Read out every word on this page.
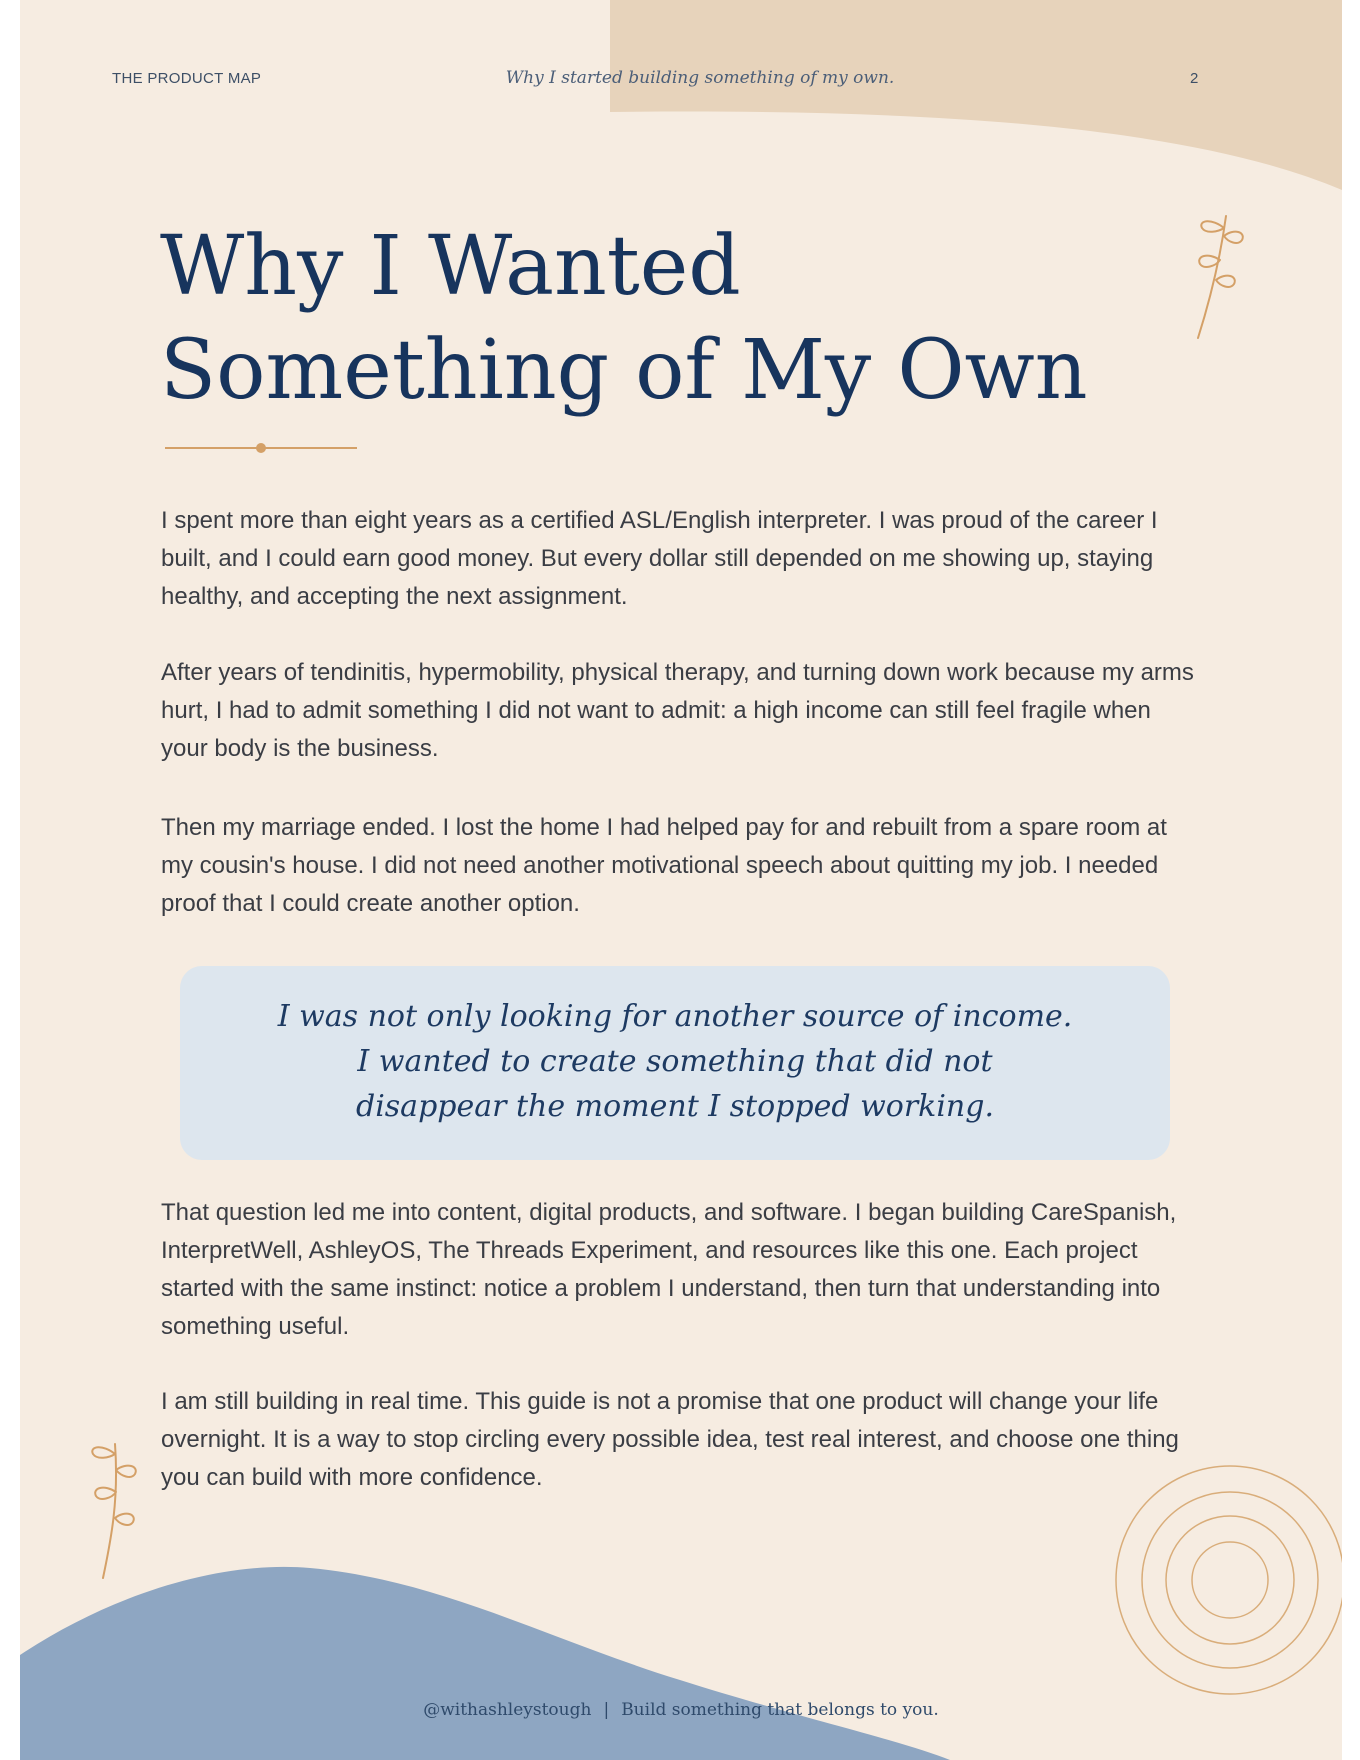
THE PRODUCT MAP	Why I started building something of my own.	2
Why I Wanted
Something of My Own

I spent more than eight years as a certified ASL/English interpreter. I was proud of the career I built, and I could earn good money. But every dollar still depended on me showing up, staying healthy, and accepting the next assignment.

After years of tendinitis, hypermobility, physical therapy, and turning down work because my arms hurt, I had to admit something I did not want to admit: a high income can still feel fragile when your body is the business.

Then my marriage ended. I lost the home I had helped pay for and rebuilt from a spare room at my cousin's house. I did not need another motivational speech about quitting my job. I needed proof that I could create another option.

I was not only looking for another source of income.
I wanted to create something that did not
disappear the moment I stopped working.

That question led me into content, digital products, and software. I began building CareSpanish, InterpretWell, AshleyOS, The Threads Experiment, and resources like this one. Each project started with the same instinct: notice a problem I understand, then turn that understanding into something useful.

I am still building in real time. This guide is not a promise that one product will change your life overnight. It is a way to stop circling every possible idea, test real interest, and choose one thing you can build with more confidence.

@withashleystough | Build something that belongs to you.
